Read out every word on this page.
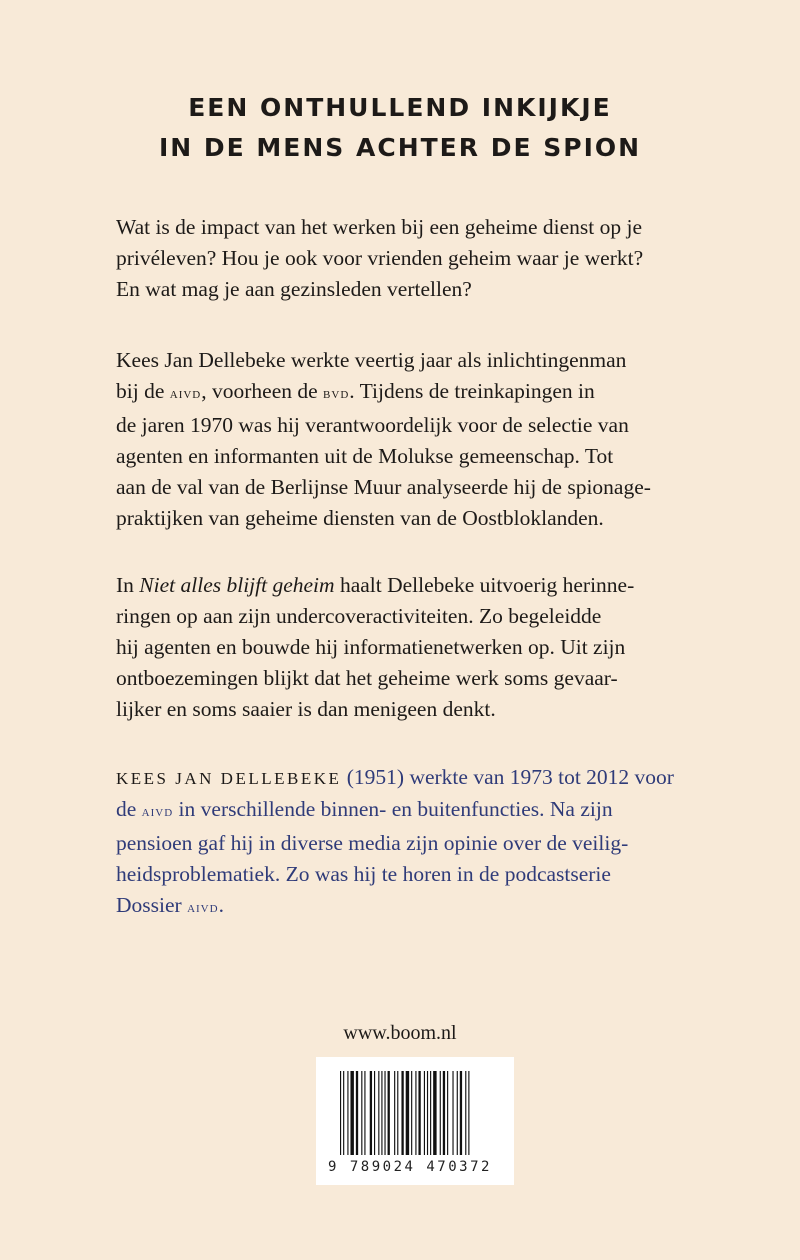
EEN ONTHULLEND INKIJKJE
IN DE MENS ACHTER DE SPION

Wat is de impact van het werken bij een geheime dienst op je
privéleven? Hou je ook voor vrienden geheim waar je werkt?
En wat mag je aan gezinsleden vertellen?

Kees Jan Dellebeke werkte veertig jaar als inlichtingenman
bij de aivd, voorheen de bvd. Tijdens de treinkapingen in
de jaren 1970 was hij verantwoordelijk voor de selectie van
agenten en informanten uit de Molukse gemeenschap. Tot
aan de val van de Berlijnse Muur analyseerde hij de spionage-
praktijken van geheime diensten van de Oostbloklanden.

In Niet alles blijft geheim haalt Dellebeke uitvoerig herinne-
ringen op aan zijn undercoveractiviteiten. Zo begeleidde
hij agenten en bouwde hij informatienetwerken op. Uit zijn
ontboezemingen blijkt dat het geheime werk soms gevaar-
lijker en soms saaier is dan menigeen denkt.

KEES JAN DELLEBEKE (1951) werkte van 1973 tot 2012 voor
de aivd in verschillende binnen- en buitenfuncties. Na zijn
pensioen gaf hij in diverse media zijn opinie over de veilig-
heidsproblematiek. Zo was hij te horen in de podcastserie
Dossier aivd.

www.boom.nl
9 789024 470372
